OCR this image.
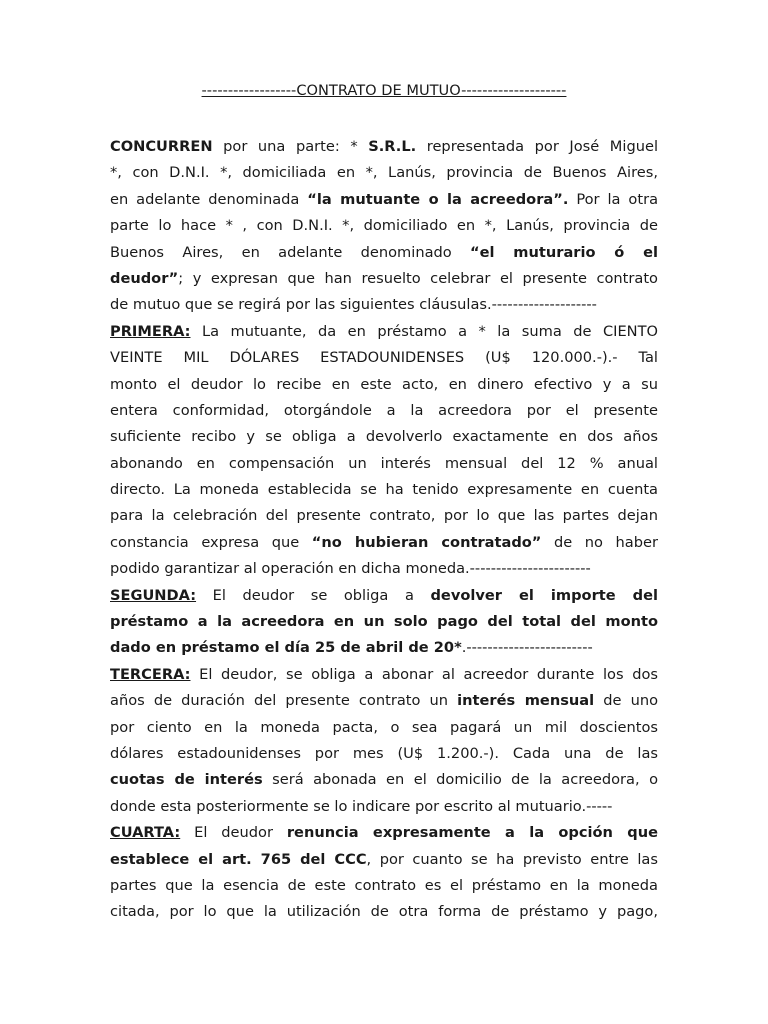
------------------CONTRATO DE MUTUO--------------------
CONCURREN por una parte: * S.R.L. representada por José Miguel
*, con D.N.I. *, domiciliada en *, Lanús, provincia de Buenos Aires,
en adelante denominada “la mutuante o la acreedora”. Por la otra
parte lo hace * , con D.N.I. *, domiciliado en *, Lanús, provincia de
Buenos Aires, en adelante denominado “el muturario ó el
deudor”; y expresan que han resuelto celebrar el presente contrato
de mutuo que se regirá por las siguientes cláusulas.--------------------
PRIMERA: La mutuante, da en préstamo a * la suma de CIENTO
VEINTE MIL DÓLARES ESTADOUNIDENSES (U$ 120.000.-).- Tal
monto el deudor lo recibe en este acto, en dinero efectivo y a su
entera conformidad, otorgándole a la acreedora por el presente
suficiente recibo y se obliga a devolverlo exactamente en dos años
abonando en compensación un interés mensual del 12 % anual
directo. La moneda establecida se ha tenido expresamente en cuenta
para la celebración del presente contrato, por lo que las partes dejan
constancia expresa que “no hubieran contratado” de no haber
podido garantizar al operación en dicha moneda.-----------------------
SEGUNDA: El deudor se obliga a devolver el importe del
préstamo a la acreedora en un solo pago del total del monto
dado en préstamo el día 25 de abril de 20*.------------------------
TERCERA: El deudor, se obliga a abonar al acreedor durante los dos
años de duración del presente contrato un interés mensual de uno
por ciento en la moneda pacta, o sea pagará un mil doscientos
dólares estadounidenses por mes (U$ 1.200.-). Cada una de las
cuotas de interés será abonada en el domicilio de la acreedora, o
donde esta posteriormente se lo indicare por escrito al mutuario.-----
CUARTA: El deudor renuncia expresamente a la opción que
establece el art. 765 del CCC, por cuanto se ha previsto entre las
partes que la esencia de este contrato es el préstamo en la moneda
citada, por lo que la utilización de otra forma de préstamo y pago,
